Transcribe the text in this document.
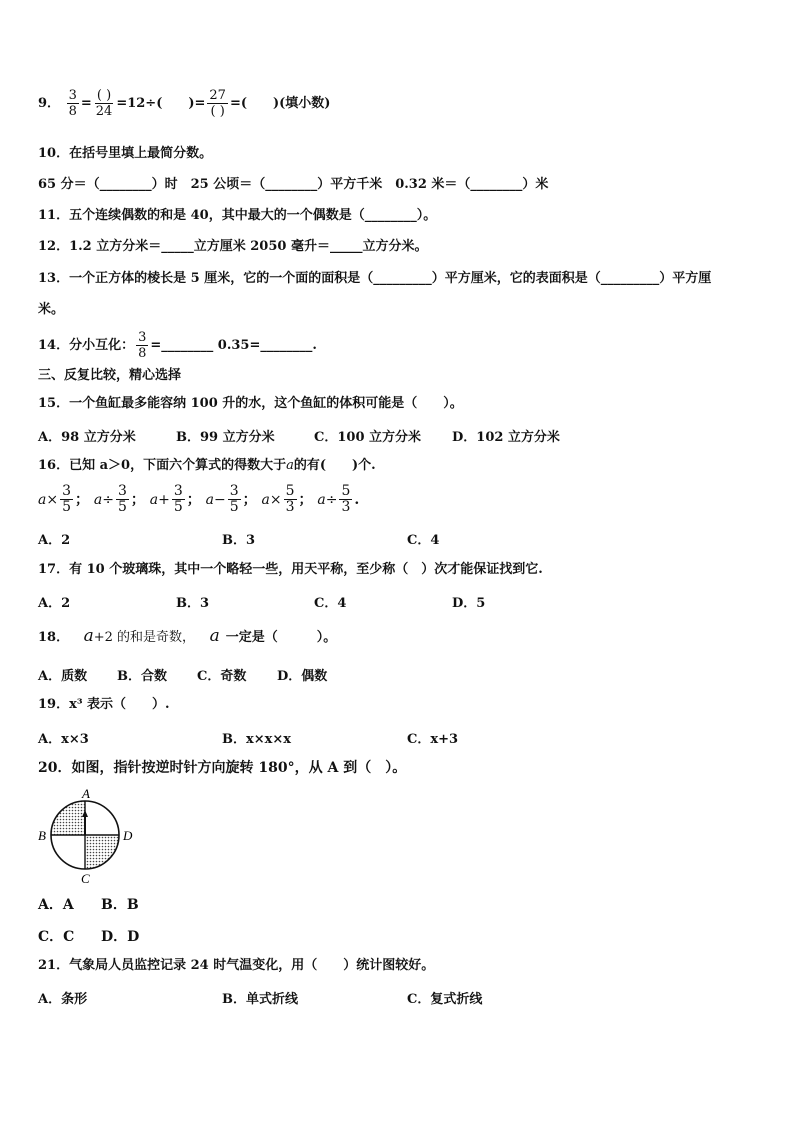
9． $\frac{3}{8} = \frac{( )}{24} =12\div$(　　)= $\frac{27}{( )}$ =(　　)(填小数)
10．在括号里填上最简分数。
65 分＝（________）时　25 公顷＝（________）平方千米　0.32 米＝（________）米
11．五个连续偶数的和是 40，其中最大的一个偶数是（________）。
12．1.2 立方分米＝_____立方厘米 2050 毫升＝_____立方分米。
13．一个正方体的棱长是 5 厘米，它的一个面的面积是（_________）平方厘米，它的表面积是（_________）平方厘
米。
14．分小互化： $\frac{3}{8}$ =________ 0.35=________.
三、反复比较，精心选择
15．一个鱼缸最多能容纳 100 升的水，这个鱼缸的体积可能是（　　）。
A．98 立方分米	B．99 立方分米	C．100 立方分米 D．102 立方分米
16．已知 a＞0，下面六个算式的得数大于a的有(　　)个.
$a\times \frac{3}{5}$ ； $a\div \frac{3}{5}$ ； $a+ \frac{3}{5}$ ； $a- \frac{3}{5}$ ； $a\times \frac{5}{3}$ ； $a\div \frac{5}{3}$ .
A．2	B．3	C．4
17．有 10 个玻璃珠，其中一个略轻一些，用天平称，至少称（　）次才能保证找到它.
A．2	B．3	C．4	D．5
18． a+2 的和是奇数， a 一定是（　　　）。
A．质数 B．合数 C．奇数 D．偶数
19．x³ 表示（　　）.
A．x×3	B．x×x×x	C．x+3
20．如图，指针按逆时针方向旋转 180°，从 A 到（　）。
A
B	D
C
A．A B．B
C．C D．D
21．气象局人员监控记录 24 时气温变化，用（　　）统计图较好。
A．条形	B．单式折线	C．复式折线
